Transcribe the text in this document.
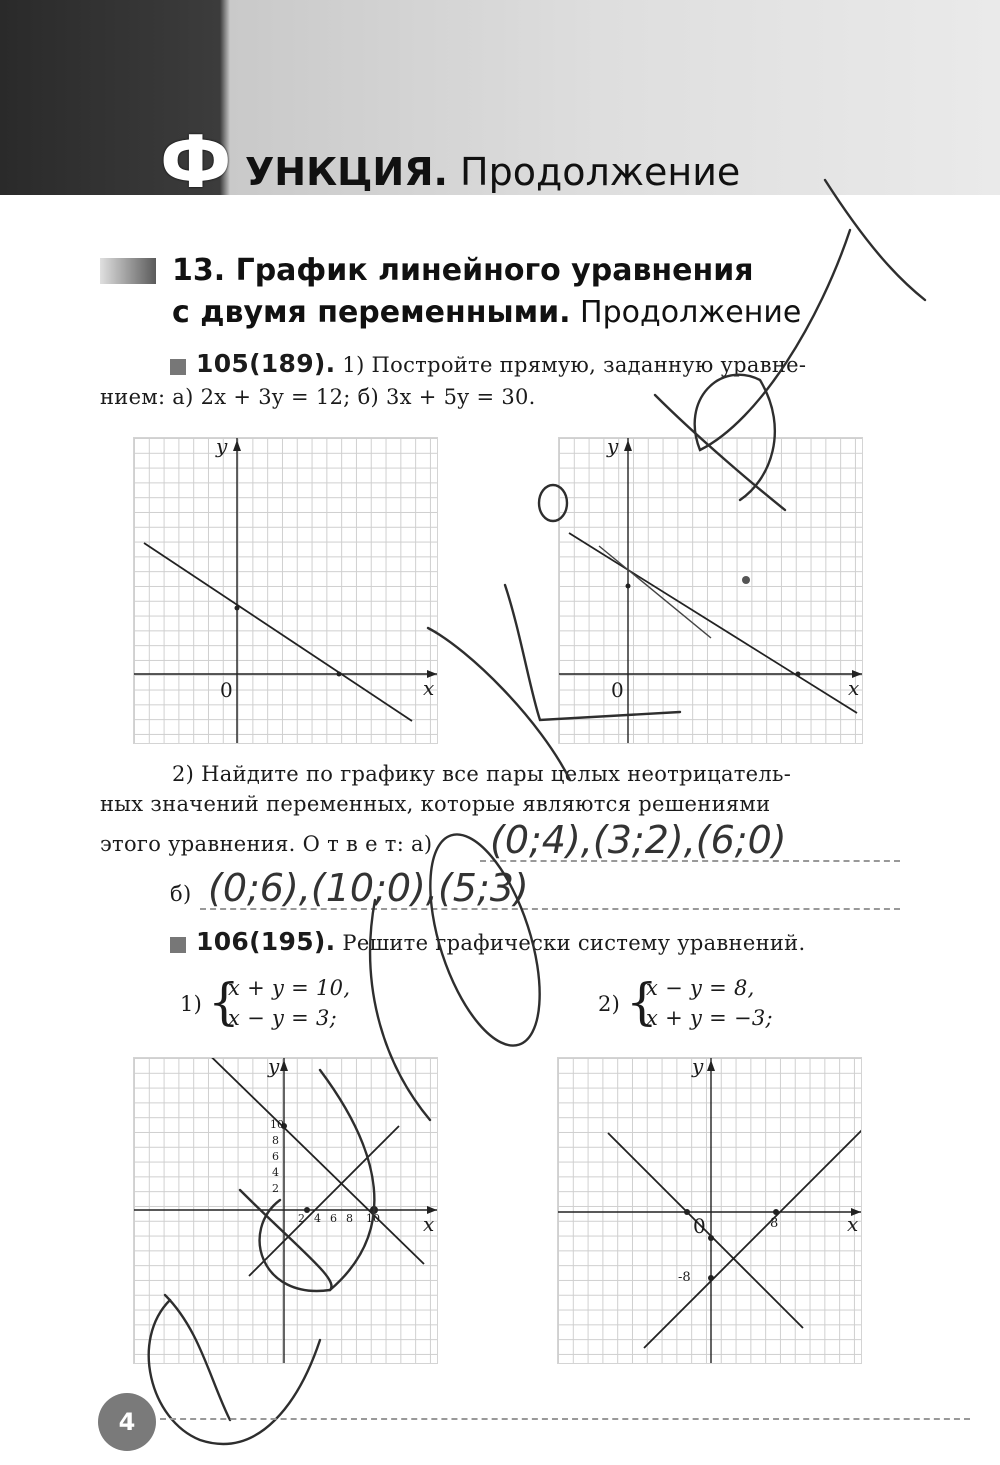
Ф УНКЦИЯ. Продолжение
13. График линейного уравнения
с двумя переменными. Продолжение
105(189). 1) Постройте прямую, заданную уравне-
нием: а) 2x + 3y = 12; б) 3x + 5y = 30.
y
0	x
y
0	x
2) Найдите по графику все пары целых неотрицатель-
ных значений переменных, которые являются решениями
этого уравнения. О т в е т: а)	(0;4),(3;2),(6;0)
б) (0;6),(10;0),(5;3)
106(195). Решите графически систему уравнений.
1) {
x + y = 10,
x − y = 3;
2) {
x − y = 8,
x + y = −3;
y
x
10
8
6
4
2
2 4 6 8 10
y
0	x
8
-8
4
